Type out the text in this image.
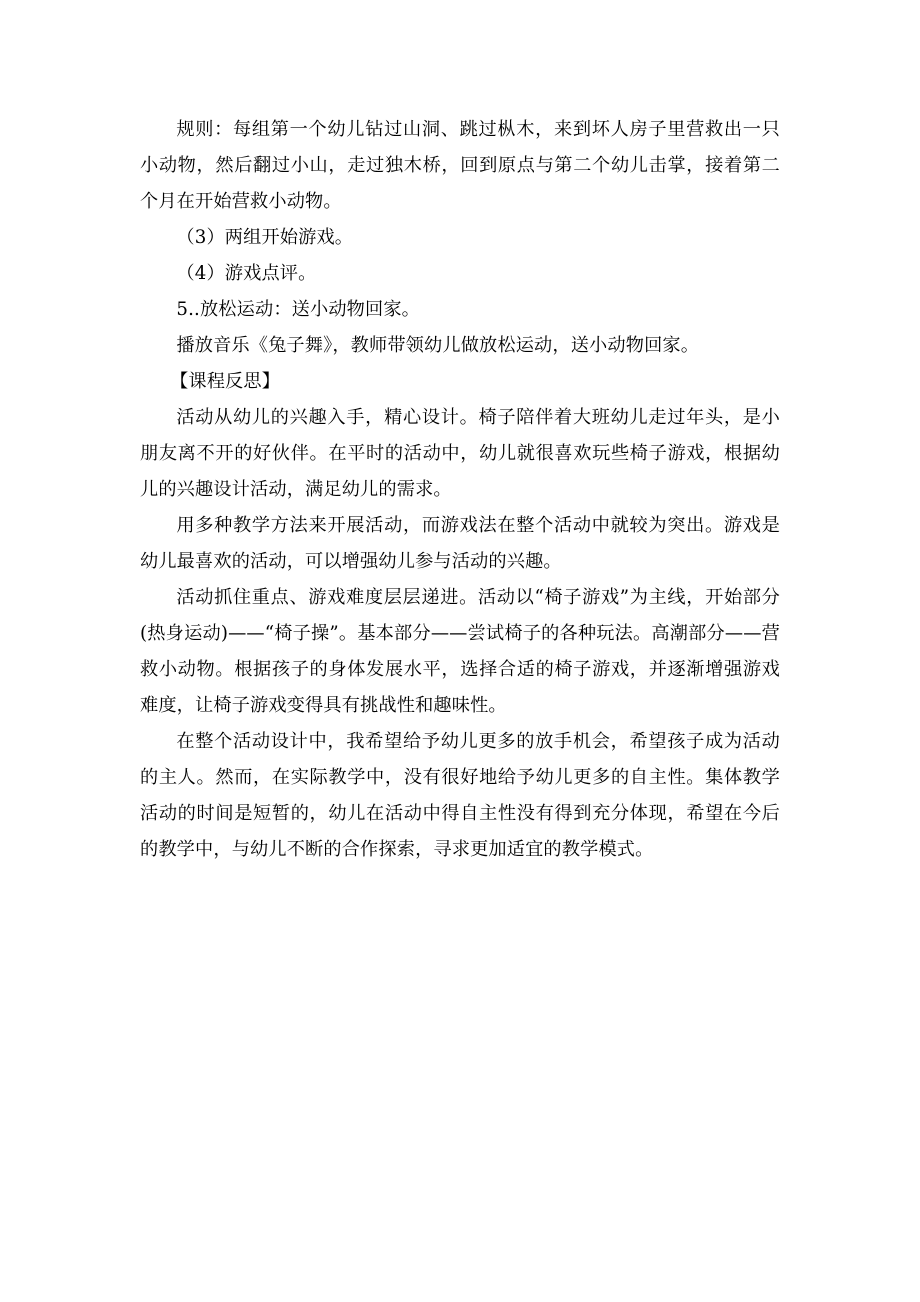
规则：每组第一个幼儿钻过山洞、跳过枞木，来到坏人房子里营救出一只小动物，然后翻过小山，走过独木桥，回到原点与第二个幼儿击掌，接着第二个月在开始营救小动物。

（3）两组开始游戏。

（4）游戏点评。

5..放松运动：送小动物回家。

播放音乐《兔子舞》，教师带领幼儿做放松运动，送小动物回家。

【课程反思】

活动从幼儿的兴趣入手，精心设计。椅子陪伴着大班幼儿走过年头，是小朋友离不开的好伙伴。在平时的活动中，幼儿就很喜欢玩些椅子游戏，根据幼儿的兴趣设计活动，满足幼儿的需求。

用多种教学方法来开展活动，而游戏法在整个活动中就较为突出。游戏是幼儿最喜欢的活动，可以增强幼儿参与活动的兴趣。

活动抓住重点、游戏难度层层递进。活动以“椅子游戏”为主线，开始部分(热身运动)——“椅子操”。基本部分——尝试椅子的各种玩法。高潮部分——营救小动物。根据孩子的身体发展水平，选择合适的椅子游戏，并逐渐增强游戏难度，让椅子游戏变得具有挑战性和趣味性。

在整个活动设计中，我希望给予幼儿更多的放手机会，希望孩子成为活动的主人。然而，在实际教学中，没有很好地给予幼儿更多的自主性。集体教学活动的时间是短暂的，幼儿在活动中得自主性没有得到充分体现，希望在今后的教学中，与幼儿不断的合作探索，寻求更加适宜的教学模式。
